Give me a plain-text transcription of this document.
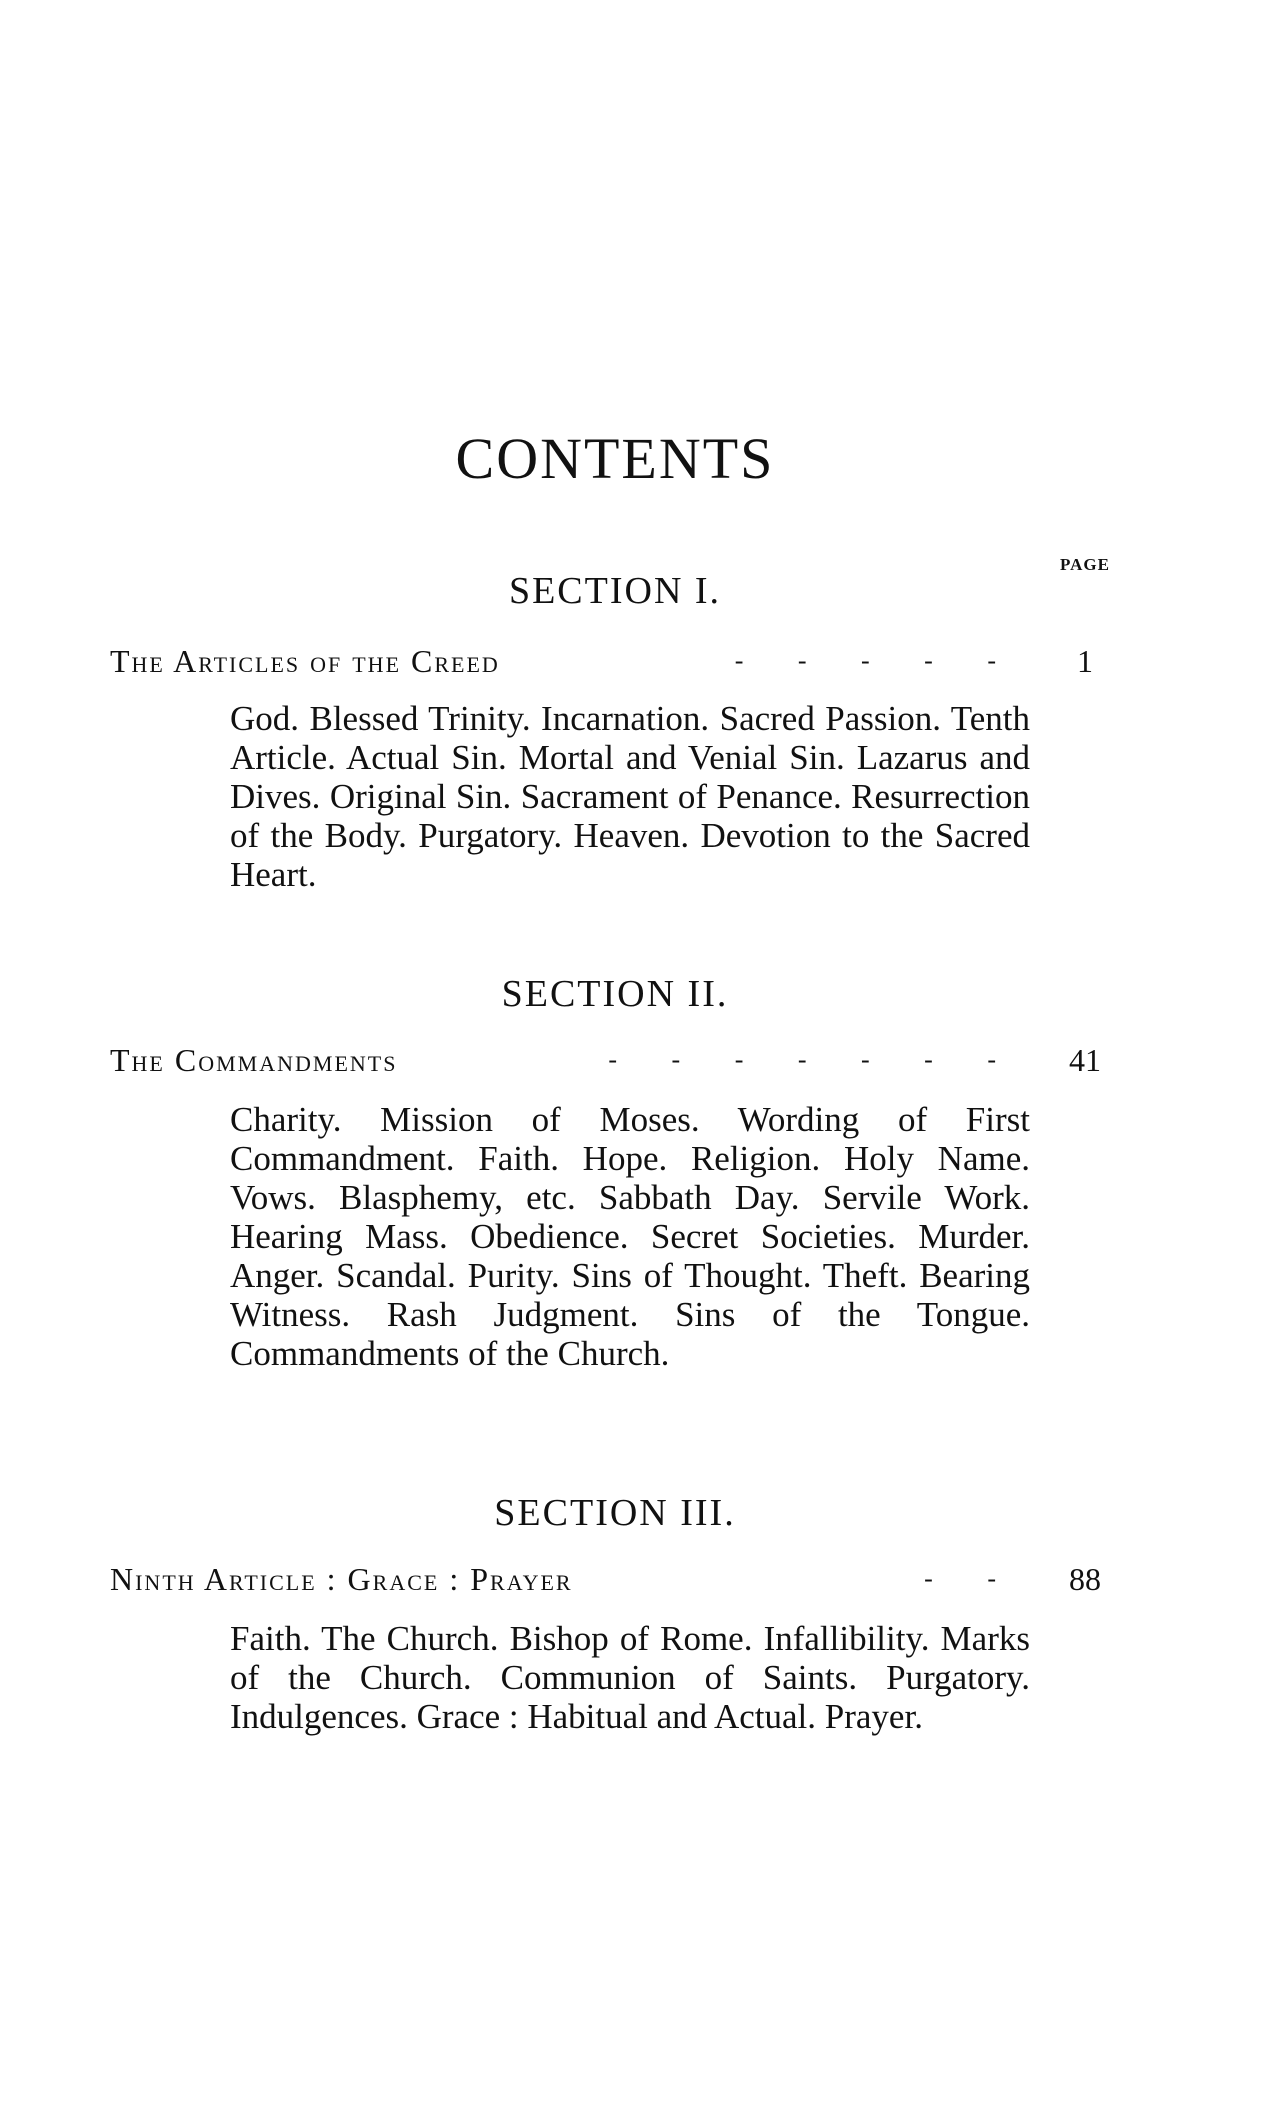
CONTENTS
PAGE
SECTION I.
The Articles of the Creed	- - - - -	1
God. Blessed Trinity. Incarnation. Sacred Passion. Tenth Article. Actual Sin. Mortal and Venial Sin. Lazarus and Dives. Original Sin. Sacrament of Penance. Resurrection of the Body. Purgatory. Heaven. Devotion to the Sacred Heart.
SECTION II.
The Commandments	- - - - - - -	41
Charity. Mission of Moses. Wording of First Commandment. Faith. Hope. Religion. Holy Name. Vows. Blasphemy, etc. Sabbath Day. Servile Work. Hearing Mass. Obedience. Secret Societies. Murder. Anger. Scandal. Purity. Sins of Thought. Theft. Bearing Witness. Rash Judgment. Sins of the Tongue. Commandments of the Church.
SECTION III.
Ninth Article : Grace : Prayer	- -	88
Faith. The Church. Bishop of Rome. Infallibility. Marks of the Church. Communion of Saints. Purgatory. Indulgences. Grace : Habitual and Actual. Prayer.
